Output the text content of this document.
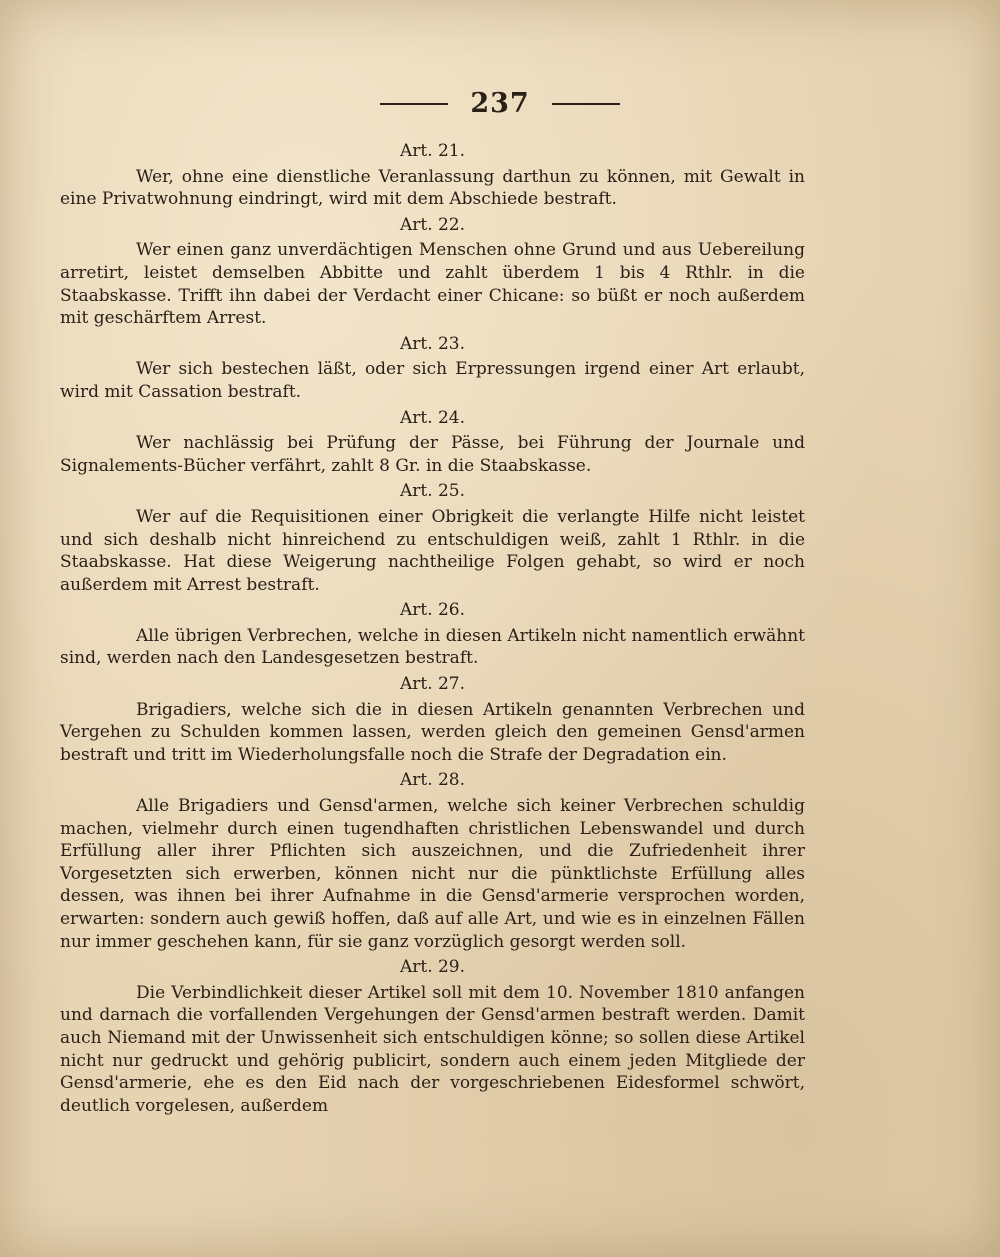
237

Art. 21.

Wer, ohne eine dienstliche Veranlassung darthun zu können, mit Gewalt in eine Privatwohnung eindringt, wird mit dem Abschiede bestraft.

Art. 22.

Wer einen ganz unverdächtigen Menschen ohne Grund und aus Uebereilung arretirt, leistet demselben Abbitte und zahlt überdem 1 bis 4 Rthlr. in die Staabskasse. Trifft ihn dabei der Verdacht einer Chicane: so büßt er noch außerdem mit geschärftem Arrest.

Art. 23.

Wer sich bestechen läßt, oder sich Erpressungen irgend einer Art erlaubt, wird mit Cassation bestraft.

Art. 24.

Wer nachlässig bei Prüfung der Pässe, bei Führung der Journale und Signalements-Bücher verfährt, zahlt 8 Gr. in die Staabskasse.

Art. 25.

Wer auf die Requisitionen einer Obrigkeit die verlangte Hilfe nicht leistet und sich deshalb nicht hinreichend zu entschuldigen weiß, zahlt 1 Rthlr. in die Staabskasse. Hat diese Weigerung nachtheilige Folgen gehabt, so wird er noch außerdem mit Arrest bestraft.

Art. 26.

Alle übrigen Verbrechen, welche in diesen Artikeln nicht namentlich erwähnt sind, werden nach den Landesgesetzen bestraft.

Art. 27.

Brigadiers, welche sich die in diesen Artikeln genannten Verbrechen und Vergehen zu Schulden kommen lassen, werden gleich den gemeinen Gensd'armen bestraft und tritt im Wiederholungsfalle noch die Strafe der Degradation ein.

Art. 28.

Alle Brigadiers und Gensd'armen, welche sich keiner Verbrechen schuldig machen, vielmehr durch einen tugendhaften christlichen Lebenswandel und durch Erfüllung aller ihrer Pflichten sich auszeichnen, und die Zufriedenheit ihrer Vorgesetzten sich erwerben, können nicht nur die pünktlichste Erfüllung alles dessen, was ihnen bei ihrer Aufnahme in die Gensd'armerie versprochen worden, erwarten: sondern auch gewiß hoffen, daß auf alle Art, und wie es in einzelnen Fällen nur immer geschehen kann, für sie ganz vorzüglich gesorgt werden soll.

Art. 29.

Die Verbindlichkeit dieser Artikel soll mit dem 10. November 1810 anfangen und darnach die vorfallenden Vergehungen der Gensd'armen bestraft werden. Damit auch Niemand mit der Unwissenheit sich entschuldigen könne; so sollen diese Artikel nicht nur gedruckt und gehörig publicirt, sondern auch einem jeden Mitgliede der Gensd'armerie, ehe es den Eid nach der vorgeschriebenen Eidesformel schwört, deutlich vorgelesen, außerdem
